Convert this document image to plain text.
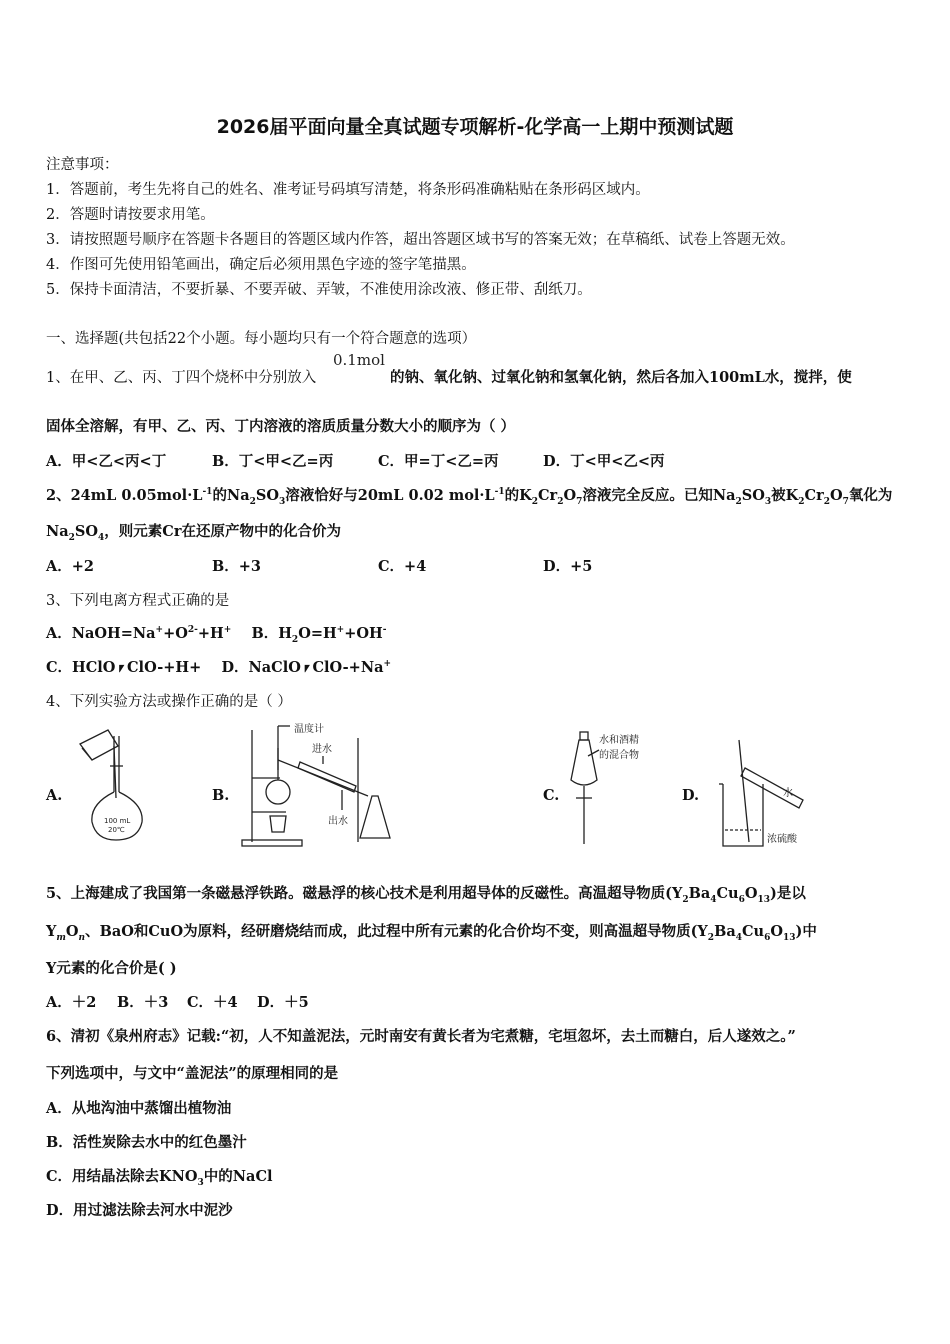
2026届平面向量全真试题专项解析-化学高一上期中预测试题
注意事项：
1．答题前，考生先将自己的姓名、准考证号码填写清楚，将条形码准确粘贴在条形码区域内。
2．答题时请按要求用笔。
3．请按照题号顺序在答题卡各题目的答题区域内作答，超出答题区域书写的答案无效；在草稿纸、试卷上答题无效。
4．作图可先使用铅笔画出，确定后必须用黑色字迹的签字笔描黑。
5．保持卡面清洁，不要折暴、不要弄破、弄皱，不准使用涂改液、修正带、刮纸刀。
一、选择题(共包括22个小题。每小题均只有一个符合题意的选项）
1、在甲、乙、丙、丁四个烧杯中分别放入
0.1mol
的钠、氧化钠、过氧化钠和氢氧化钠，然后各加入100mL水，搅拌，使
固体全溶解，有甲、乙、丙、丁内溶液的溶质质量分数大小的顺序为（ ）
A．甲<乙<丙<丁	B．丁<甲<乙=丙	C．甲=丁<乙=丙	D．丁<甲<乙<丙
2、24mL $0.05mol\cdot L^{-1}$的$Na_2SO_3$溶液恰好与20mL 0.02 $mol\cdot L^{-1}$的$K_2Cr_2O_7$溶液完全反应。已知$Na_2SO_3$被$K_2Cr_2O_7$氧化为
$Na_2SO_4$，则元素Cr在还原产物中的化合价为
A．+2	B．+3	C．+4	D．+5
3、下列电离方程式正确的是
A．$NaOH=Na^++O^{2-}+H^+$    B．$H_2O=H^++OH^-$
C．HClO⎖ClO-+H+    D．NaClO⎖ClO-+Na+
4、下列实验方法或操作正确的是（ ）
A.	B.	C.	D.
100 mL
20℃
温度计
进水
出水
水和酒精
的混合物
水
浓硫酸
5、上海建成了我国第一条磁悬浮铁路。磁悬浮的核心技术是利用超导体的反磁性。高温超导物质$(Y_2Ba_4Cu_6O_{13})$是以
$Y_mO_n$、BaO和CuO为原料，经研磨烧结而成，此过程中所有元素的化合价均不变，则高温超导物质$(Y_2Ba_4Cu_6O_{13})$中
Y元素的化合价是( )
A．＋2 B．＋3 C．＋4 D．＋5
6、清初《泉州府志》记载:“初，人不知盖泥法，元时南安有黄长者为宅煮糖，宅垣忽坏，去土而糖白，后人遂效之。”
下列选项中，与文中“盖泥法”的原理相同的是
A．从地沟油中蒸馏出植物油
B．活性炭除去水中的红色墨汁
C．用结晶法除去$KNO_3$中的NaCl
D．用过滤法除去河水中泥沙
